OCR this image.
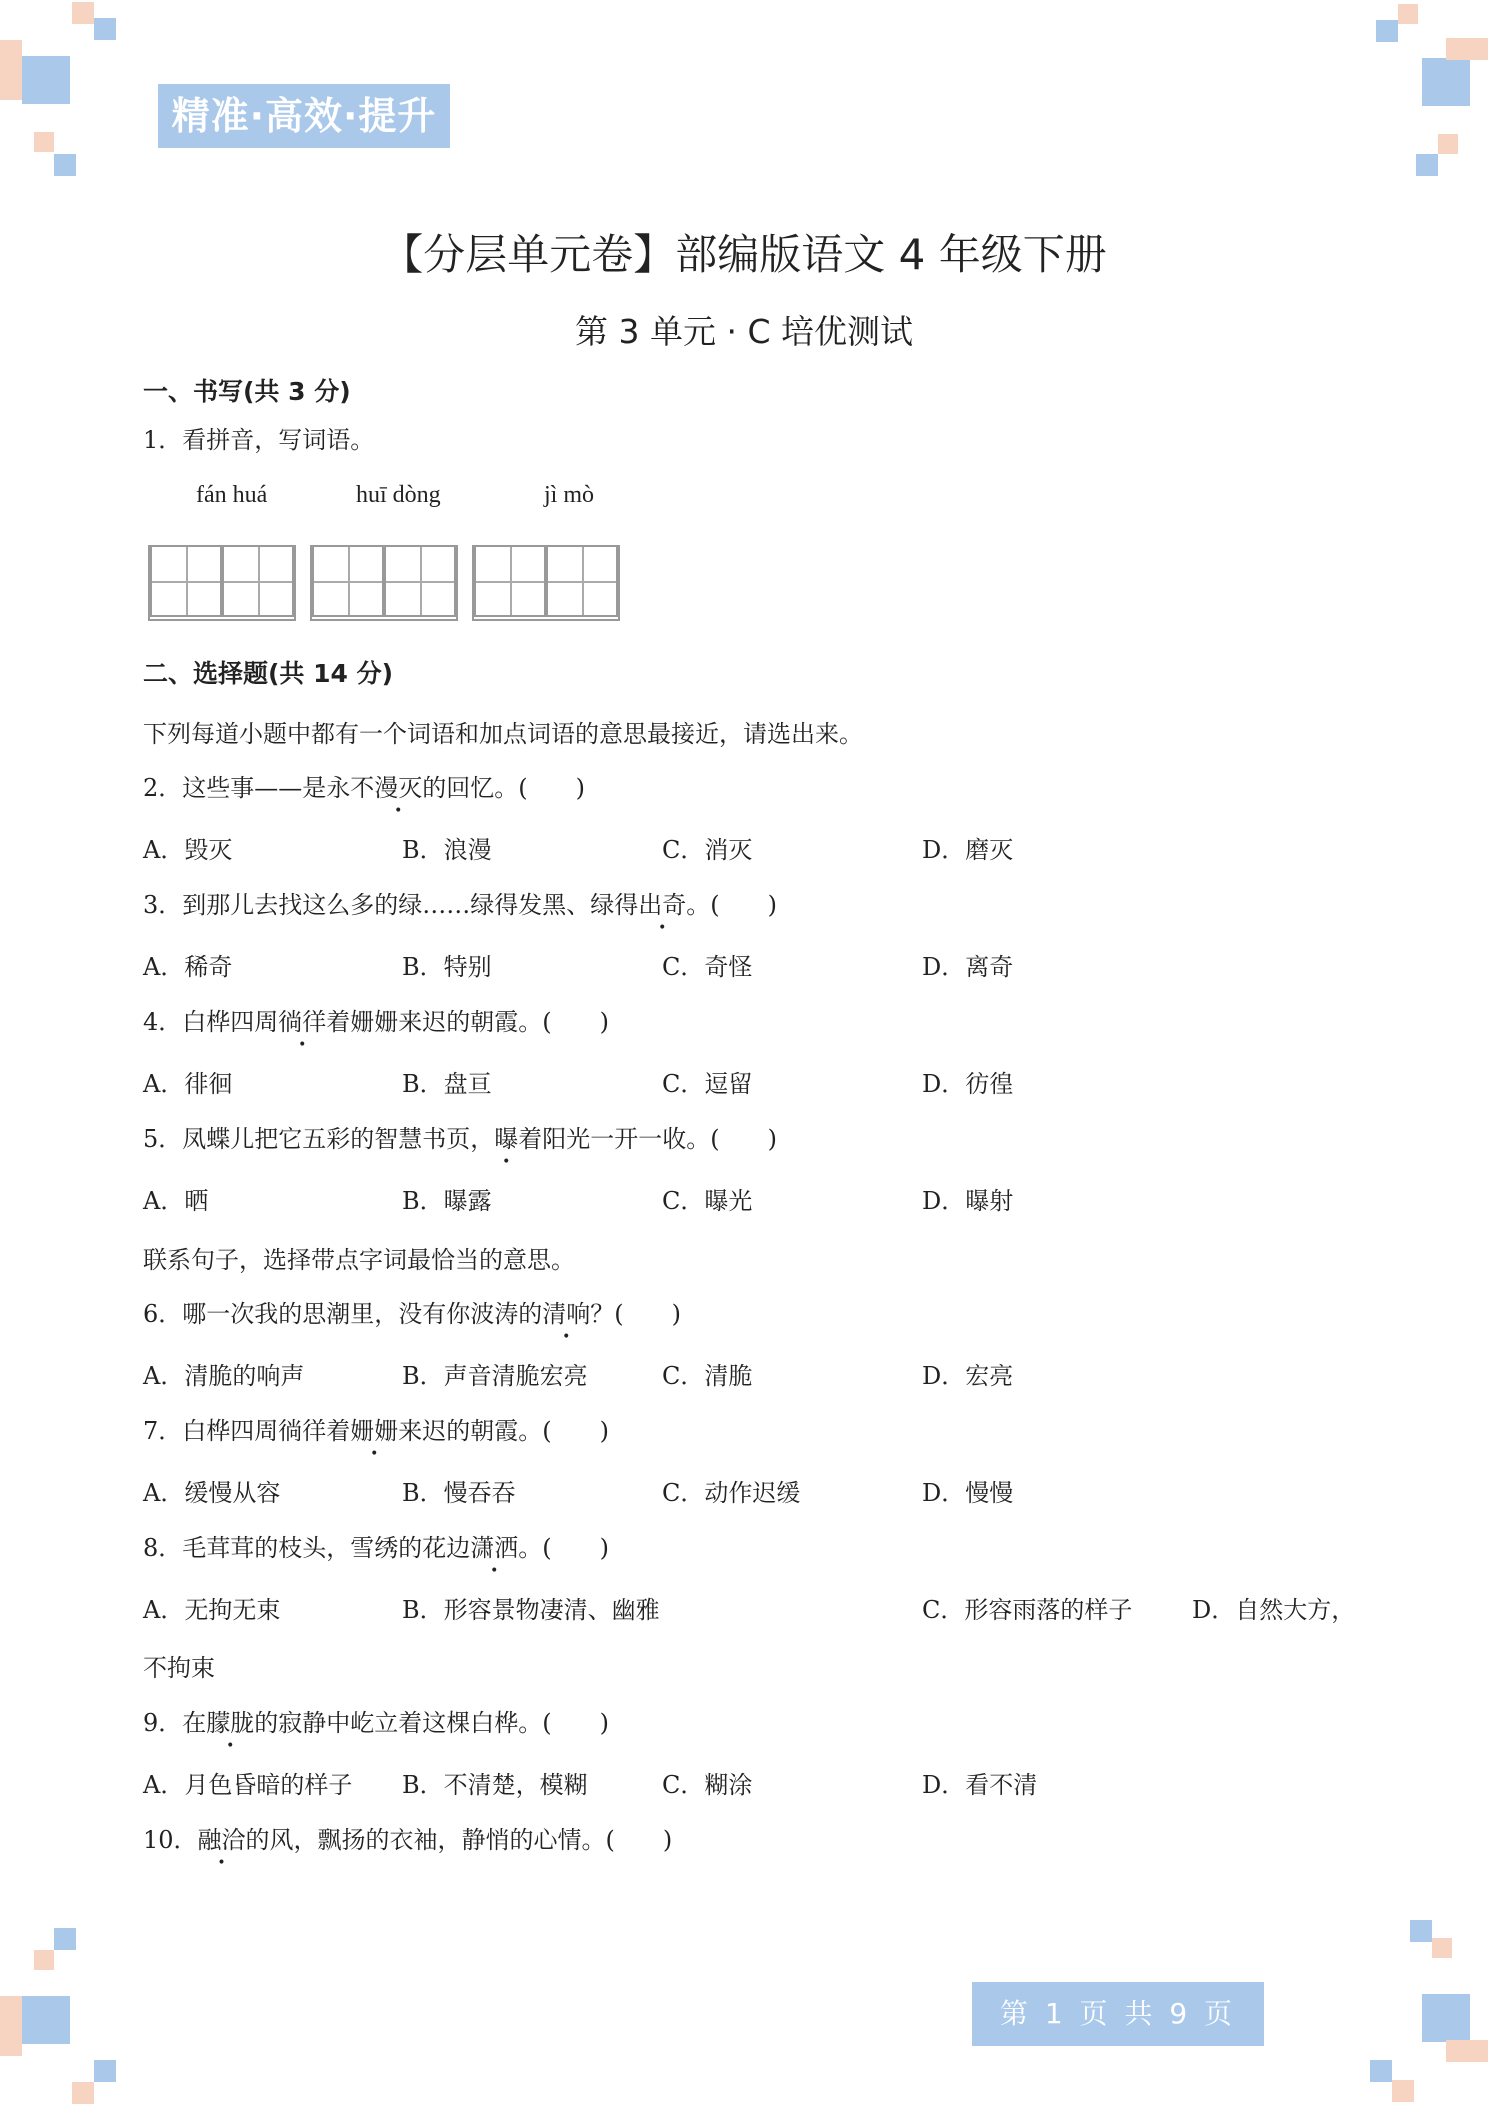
精准·高效·提升
【分层单元卷】部编版语文 4 年级下册
第 3 单元 · C 培优测试
一、书写(共 3 分)
1．看拼音，写词语。
fán huá	huī dòng	jì mò
二、选择题(共 14 分)
下列每道小题中都有一个词语和加点词语的意思最接近，请选出来。
2．这些事——是永不漫灭的回忆。(　　)
A．毁灭	B．浪漫	C．消灭	D．磨灭
3．到那儿去找这么多的绿……绿得发黑、绿得出奇。(　　)
A．稀奇	B．特别	C．奇怪	D．离奇
4．白桦四周徜徉着姗姗来迟的朝霞。(　　)
A．徘徊	B．盘亘	C．逗留	D．彷徨
5．凤蝶儿把它五彩的智慧书页，曝着阳光一开一收。(　　)
A．晒	B．曝露	C．曝光	D．曝射
联系句子，选择带点字词最恰当的意思。
6．哪一次我的思潮里，没有你波涛的清响？(　　)
A．清脆的响声	B．声音清脆宏亮	C．清脆	D．宏亮
7．白桦四周徜徉着姗姗来迟的朝霞。(　　)
A．缓慢从容	B．慢吞吞	C．动作迟缓	D．慢慢
8．毛茸茸的枝头，雪绣的花边潇洒。(　　)
A．无拘无束	B．形容景物凄清、幽雅	C．形容雨落的样子 D．自然大方，
不拘束
9．在朦胧的寂静中屹立着这棵白桦。(　　)
A．月色昏暗的样子 B．不清楚，模糊	C．糊涂	D．看不清
10．融洽的风，飘扬的衣袖，静悄的心情。(　　)
第 1 页 共 9 页
